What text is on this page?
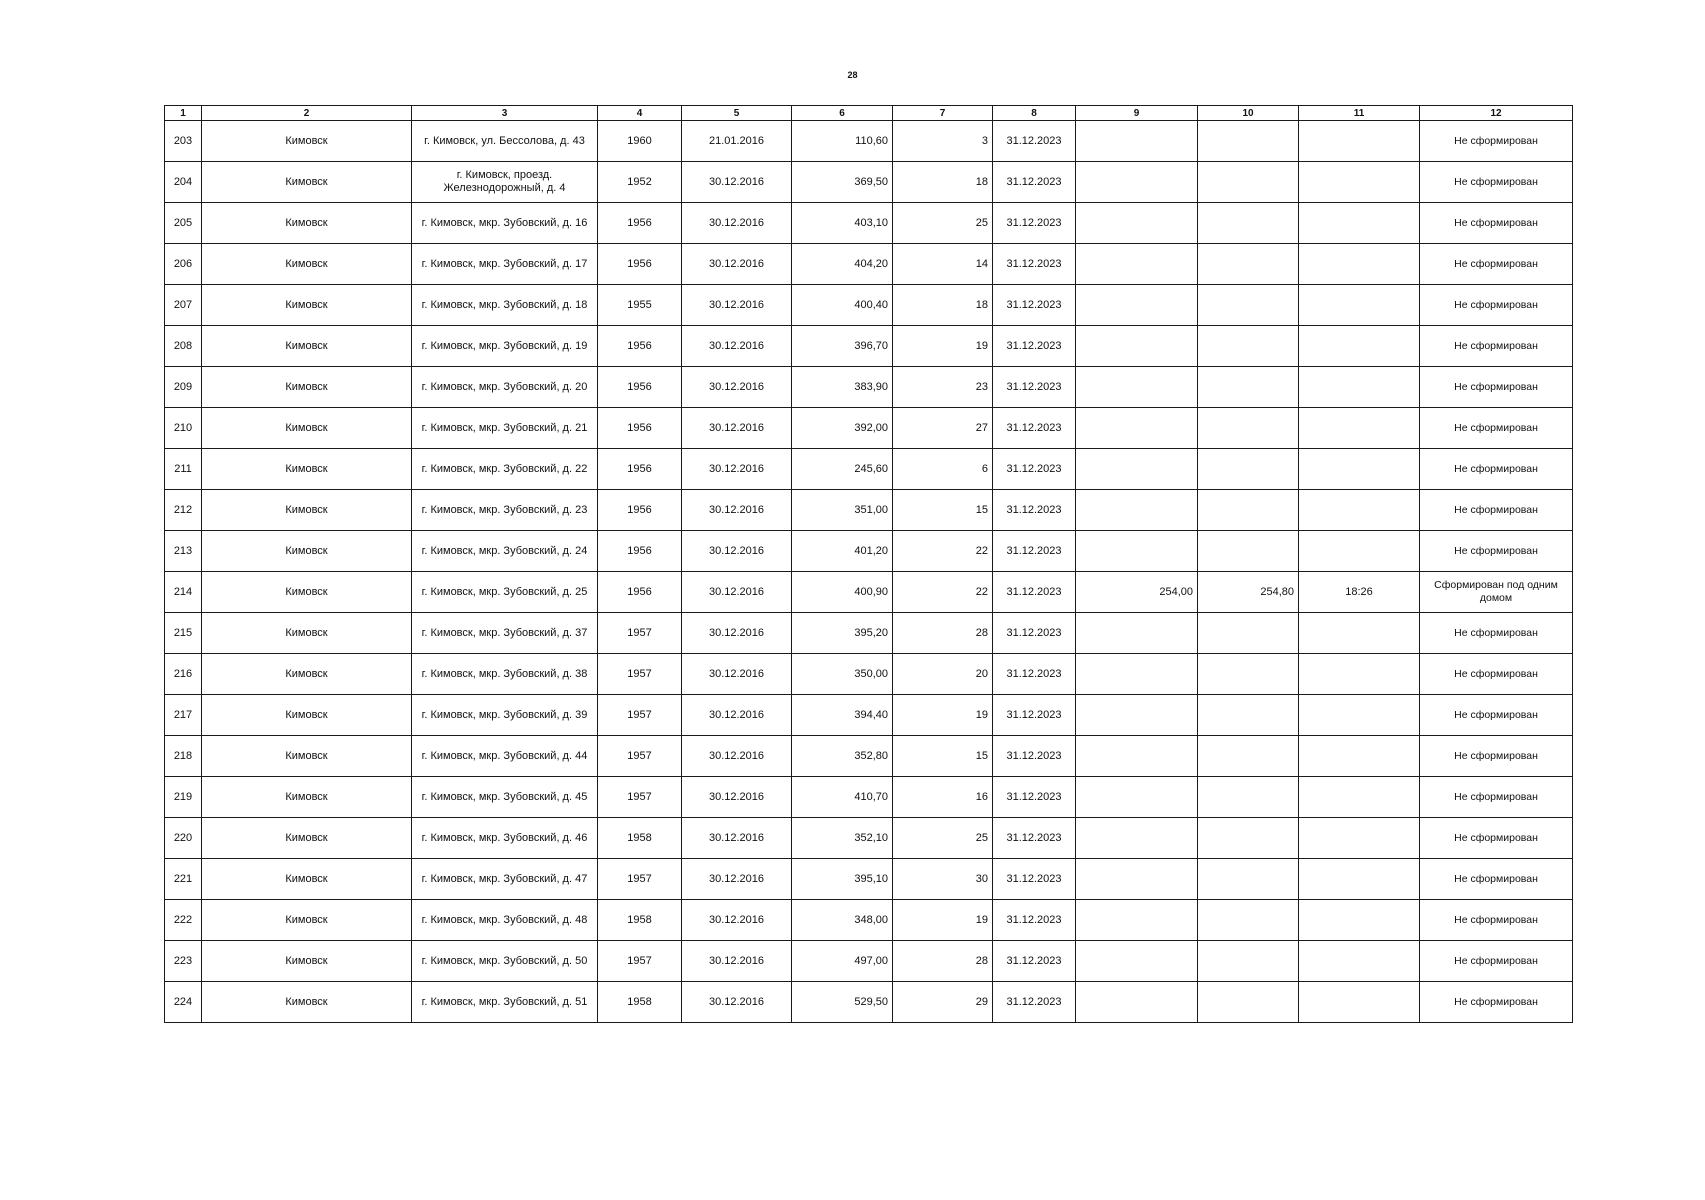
28
1	2	3	4	5	6	7	8	9	10	11	12
203	Кимовск	г. Кимовск, ул. Бессолова, д. 43	1960	21.01.2016	110,60	3	31.12.2023				Не сформирован
204	Кимовск	г. Кимовск, проезд. Железнодорожный, д. 4	1952	30.12.2016	369,50	18	31.12.2023				Не сформирован
205	Кимовск	г. Кимовск, мкр. Зубовский, д. 16	1956	30.12.2016	403,10	25	31.12.2023				Не сформирован
206	Кимовск	г. Кимовск, мкр. Зубовский, д. 17	1956	30.12.2016	404,20	14	31.12.2023				Не сформирован
207	Кимовск	г. Кимовск, мкр. Зубовский, д. 18	1955	30.12.2016	400,40	18	31.12.2023				Не сформирован
208	Кимовск	г. Кимовск, мкр. Зубовский, д. 19	1956	30.12.2016	396,70	19	31.12.2023				Не сформирован
209	Кимовск	г. Кимовск, мкр. Зубовский, д. 20	1956	30.12.2016	383,90	23	31.12.2023				Не сформирован
210	Кимовск	г. Кимовск, мкр. Зубовский, д. 21	1956	30.12.2016	392,00	27	31.12.2023				Не сформирован
211	Кимовск	г. Кимовск, мкр. Зубовский, д. 22	1956	30.12.2016	245,60	6	31.12.2023				Не сформирован
212	Кимовск	г. Кимовск, мкр. Зубовский, д. 23	1956	30.12.2016	351,00	15	31.12.2023				Не сформирован
213	Кимовск	г. Кимовск, мкр. Зубовский, д. 24	1956	30.12.2016	401,20	22	31.12.2023				Не сформирован
214	Кимовск	г. Кимовск, мкр. Зубовский, д. 25	1956	30.12.2016	400,90	22	31.12.2023	254,00	254,80	18:26	Сформирован под одним домом
215	Кимовск	г. Кимовск, мкр. Зубовский, д. 37	1957	30.12.2016	395,20	28	31.12.2023				Не сформирован
216	Кимовск	г. Кимовск, мкр. Зубовский, д. 38	1957	30.12.2016	350,00	20	31.12.2023				Не сформирован
217	Кимовск	г. Кимовск, мкр. Зубовский, д. 39	1957	30.12.2016	394,40	19	31.12.2023				Не сформирован
218	Кимовск	г. Кимовск, мкр. Зубовский, д. 44	1957	30.12.2016	352,80	15	31.12.2023				Не сформирован
219	Кимовск	г. Кимовск, мкр. Зубовский, д. 45	1957	30.12.2016	410,70	16	31.12.2023				Не сформирован
220	Кимовск	г. Кимовск, мкр. Зубовский, д. 46	1958	30.12.2016	352,10	25	31.12.2023				Не сформирован
221	Кимовск	г. Кимовск, мкр. Зубовский, д. 47	1957	30.12.2016	395,10	30	31.12.2023				Не сформирован
222	Кимовск	г. Кимовск, мкр. Зубовский, д. 48	1958	30.12.2016	348,00	19	31.12.2023				Не сформирован
223	Кимовск	г. Кимовск, мкр. Зубовский, д. 50	1957	30.12.2016	497,00	28	31.12.2023				Не сформирован
224	Кимовск	г. Кимовск, мкр. Зубовский, д. 51	1958	30.12.2016	529,50	29	31.12.2023				Не сформирован
